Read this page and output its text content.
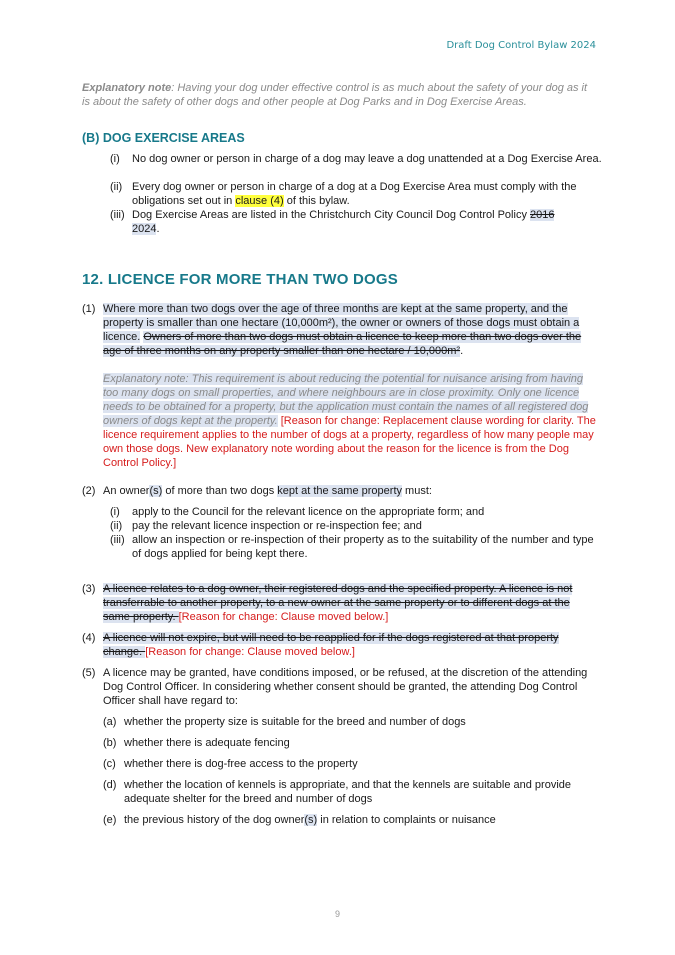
Draft Dog Control Bylaw 2024
Explanatory note: Having your dog under effective control is as much about the safety of your dog as it is about the safety of other dogs and other people at Dog Parks and in Dog Exercise Areas.
(B) DOG EXERCISE AREAS
(i) No dog owner or person in charge of a dog may leave a dog unattended at a Dog Exercise Area.
(ii) Every dog owner or person in charge of a dog at a Dog Exercise Area must comply with the obligations set out in clause (4) of this bylaw.
(iii) Dog Exercise Areas are listed in the Christchurch City Council Dog Control Policy 2016 2024.
12. LICENCE FOR MORE THAN TWO DOGS
(1) Where more than two dogs over the age of three months are kept at the same property, and the property is smaller than one hectare (10,000m²), the owner or owners of those dogs must obtain a licence. Owners of more than two dogs must obtain a licence to keep more than two dogs over the age of three months on any property smaller than one hectare / 10,000m².
Explanatory note: This requirement is about reducing the potential for nuisance arising from having too many dogs on small properties, and where neighbours are in close proximity. Only one licence needs to be obtained for a property, but the application must contain the names of all registered dog owners of dogs kept at the property. [Reason for change: Replacement clause wording for clarity. The licence requirement applies to the number of dogs at a property, regardless of how many people may own those dogs. New explanatory note wording about the reason for the licence is from the Dog Control Policy.]
(2) An owner(s) of more than two dogs kept at the same property must:
(i) apply to the Council for the relevant licence on the appropriate form; and
(ii) pay the relevant licence inspection or re-inspection fee; and
(iii) allow an inspection or re-inspection of their property as to the suitability of the number and type of dogs applied for being kept there.
(3) A licence relates to a dog owner, their registered dogs and the specified property. A licence is not transferrable to another property, to a new owner at the same property or to different dogs at the same property. [Reason for change: Clause moved below.]
(4) A licence will not expire, but will need to be reapplied for if the dogs registered at that property change. [Reason for change: Clause moved below.]
(5) A licence may be granted, have conditions imposed, or be refused, at the discretion of the attending Dog Control Officer. In considering whether consent should be granted, the attending Dog Control Officer shall have regard to:
(a) whether the property size is suitable for the breed and number of dogs
(b) whether there is adequate fencing
(c) whether there is dog-free access to the property
(d) whether the location of kennels is appropriate, and that the kennels are suitable and provide adequate shelter for the breed and number of dogs
(e) the previous history of the dog owner(s) in relation to complaints or nuisance
9
